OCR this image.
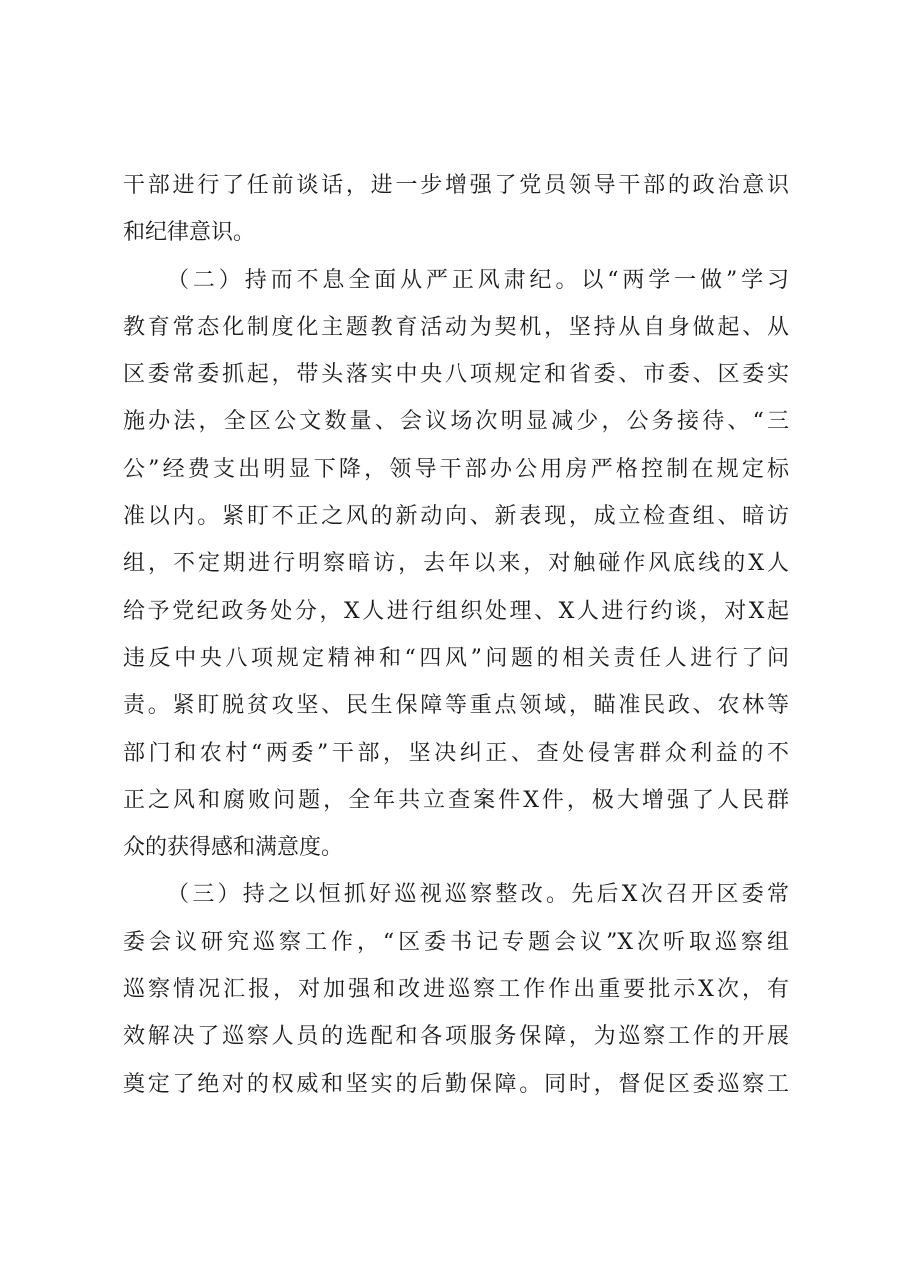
干部进行了任前谈话，进一步增强了党员领导干部的政治意识
和纪律意识。
（二）持而不息全面从严正风肃纪。以“两学一做”学习
教育常态化制度化主题教育活动为契机，坚持从自身做起、从
区委常委抓起，带头落实中央八项规定和省委、市委、区委实
施办法，全区公文数量、会议场次明显减少，公务接待、“三
公”经费支出明显下降，领导干部办公用房严格控制在规定标
准以内。紧盯不正之风的新动向、新表现，成立检查组、暗访
组，不定期进行明察暗访，去年以来，对触碰作风底线的X人
给予党纪政务处分，X人进行组织处理、X人进行约谈，对X起
违反中央八项规定精神和“四风”问题的相关责任人进行了问
责。紧盯脱贫攻坚、民生保障等重点领域，瞄准民政、农林等
部门和农村“两委”干部，坚决纠正、查处侵害群众利益的不
正之风和腐败问题，全年共立查案件X件，极大增强了人民群
众的获得感和满意度。
（三）持之以恒抓好巡视巡察整改。先后X次召开区委常
委会议研究巡察工作，“区委书记专题会议”X次听取巡察组
巡察情况汇报，对加强和改进巡察工作作出重要批示X次，有
效解决了巡察人员的选配和各项服务保障，为巡察工作的开展
奠定了绝对的权威和坚实的后勤保障。同时，督促区委巡察工
